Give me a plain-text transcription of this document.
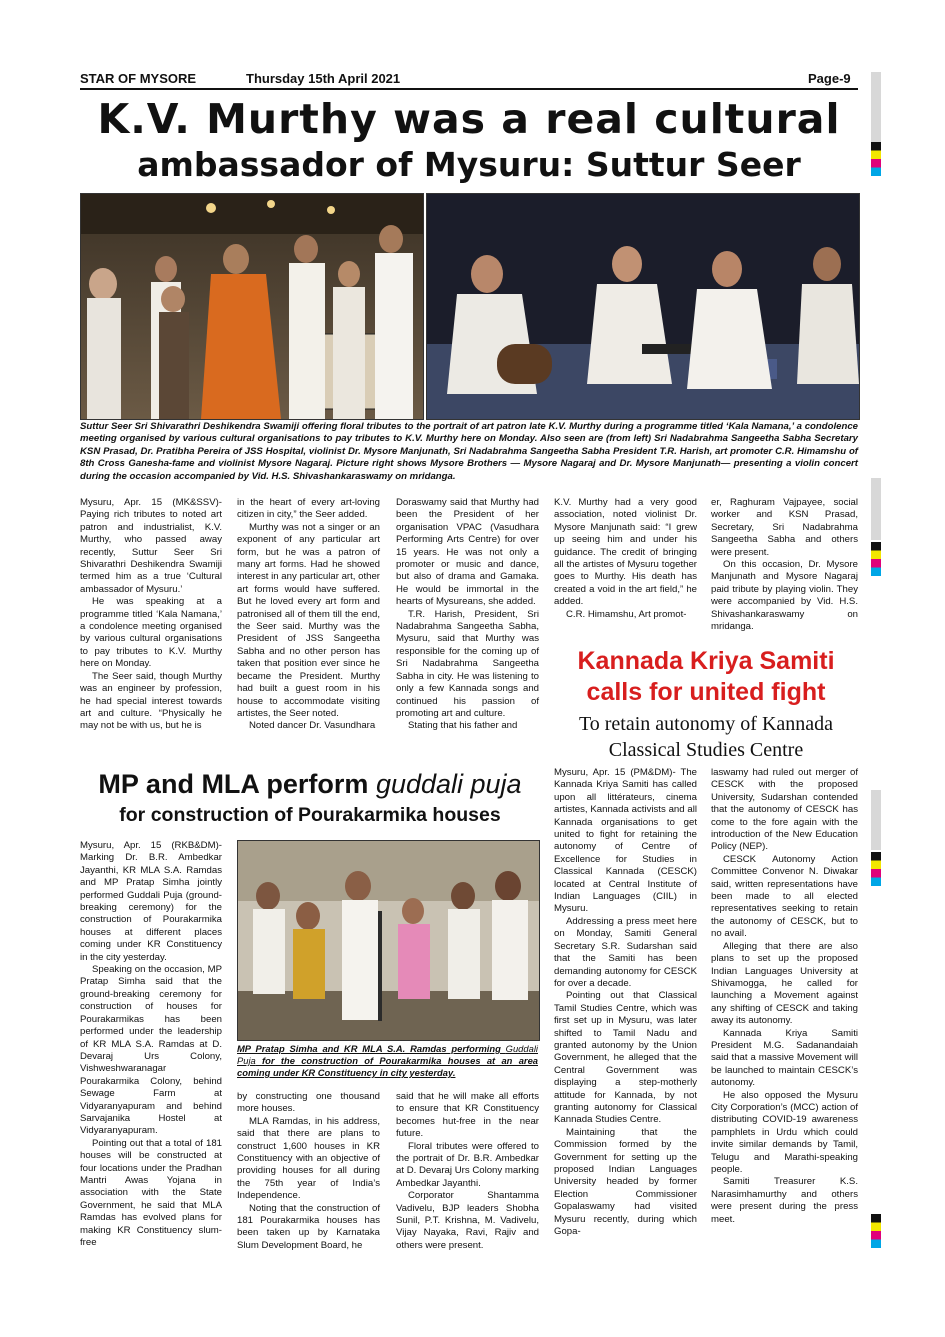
STAR OF MYSORE	Thursday 15th April 2021	Page-9
K.V. Murthy was a real cultural
ambassador of Mysuru: Suttur Seer
Suttur Seer Sri Shivarathri Deshikendra Swamiji offering floral tributes to the portrait of art patron late K.V. Murthy during a programme titled ‘Kala Namana,’ a condolence meeting organised by various cultural organisations to pay tributes to K.V. Murthy here on Monday. Also seen are (from left) Sri Nadabrahma Sangeetha Sabha Secretary KSN Prasad, Dr. Pratibha Pereira of JSS Hospital, violinist Dr. Mysore Manjunath, Sri Nadabrahma Sangeetha Sabha President T.R. Harish, art promoter C.R. Himamshu of 8th Cross Ganesha-fame and violinist Mysore Nagaraj. Picture right shows Mysore Brothers — Mysore Nagaraj and Dr. Mysore Manjunath— presenting a violin concert during the occasion accompanied by Vid. H.S. Shivashankaraswamy on mridanga.

Mysuru, Apr. 15 (MK&SSV)- Paying rich tributes to noted art patron and industrialist, K.V. Murthy, who passed away recently, Suttur Seer Sri Shivarathri Deshikendra Swamiji termed him as a true ‘Cultural ambassador of Mysuru.’

He was speaking at a programme titled ‘Kala Namana,’ a condolence meeting organised by various cultural organisations to pay tributes to K.V. Murthy here on Monday.

The Seer said, though Murthy was an engineer by profession, he had special interest towards art and culture. “Physically he may not be with us, but he is

in the heart of every art-loving citizen in city,” the Seer added.

Murthy was not a singer or an exponent of any particular art form, but he was a patron of many art forms. Had he showed interest in any particular art, other art forms would have suffered. But he loved every art form and patronised all of them till the end, the Seer said. Murthy was the President of JSS Sangeetha Sabha and no other person has taken that position ever since he became the President. Murthy had built a guest room in his house to accommodate visiting artistes, the Seer noted.

Noted dancer Dr. Vasundhara

Doraswamy said that Murthy had been the President of her organisation VPAC (Vasudhara Performing Arts Centre) for over 15 years. He was not only a promoter or music and dance, but also of drama and Gamaka. He would be immortal in the hearts of Mysureans, she added.

T.R. Harish, President, Sri Nadabrahma Sangeetha Sabha, Mysuru, said that Murthy was responsible for the coming up of Sri Nadabrahma Sangeetha Sabha in city. He was listening to only a few Kannada songs and continued his passion of promoting art and culture.

Stating that his father and

K.V. Murthy had a very good association, noted violinist Dr. Mysore Manjunath said: “I grew up seeing him and under his guidance. The credit of bringing all the artistes of Mysuru together goes to Murthy. His death has created a void in the art field,” he added.

C.R. Himamshu, Art promot-

er, Raghuram Vajpayee, social worker and KSN Prasad, Secretary, Sri Nadabrahma Sangeetha Sabha and others were present.

On this occasion, Dr. Mysore Manjunath and Mysore Nagaraj paid tribute by playing violin. They were accompanied by Vid. H.S. Shivashankaraswamy on mridanga.

Kannada Kriya Samiti
calls for united fight
To retain autonomy of Kannada
Classical Studies Centre

Mysuru, Apr. 15 (PM&DM)- The Kannada Kriya Samiti has called upon all littérateurs, cinema artistes, Kannada activists and all Kannada organisations to get united to fight for retaining the autonomy of Centre of Excellence for Studies in Classical Kannada (CESCK) located at Central Institute of Indian Languages (CIIL) in Mysuru.

Addressing a press meet here on Monday, Samiti General Secretary S.R. Sudarshan said that the Samiti has been demanding autonomy for CESCK for over a decade.

Pointing out that Classical Tamil Studies Centre, which was first set up in Mysuru, was later shifted to Tamil Nadu and granted autonomy by the Union Government, he alleged that the Central Government was displaying a step-motherly attitude for Kannada, by not granting autonomy for Classical Kannada Studies Centre.

Maintaining that the Commission formed by the Government for setting up the proposed Indian Languages University headed by former Election Commissioner Gopalaswamy had visited Mysuru recently, during which Gopa-

laswamy had ruled out merger of CESCK with the proposed University, Sudarshan contended that the autonomy of CESCK has come to the fore again with the introduction of the New Education Policy (NEP).

CESCK Autonomy Action Committee Convenor N. Diwakar said, written representations have been made to all elected representatives seeking to retain the autonomy of CESCK, but to no avail.

Alleging that there are also plans to set up the proposed Indian Languages University at Shivamogga, he called for launching a Movement against any shifting of CESCK and taking away its autonomy.

Kannada Kriya Samiti President M.G. Sadanandaiah said that a massive Movement will be launched to maintain CESCK’s autonomy.

He also opposed the Mysuru City Corporation’s (MCC) action of distributing COVID-19 awareness pamphlets in Urdu which could invite similar demands by Tamil, Telugu and Marathi-speaking people.

Samiti Treasurer K.S. Narasimhamurthy and others were present during the press meet.

MP and MLA perform guddali puja
for construction of Pourakarmika houses

Mysuru, Apr. 15 (RKB&DM)- Marking Dr. B.R. Ambedkar Jayanthi, KR MLA S.A. Ramdas and MP Pratap Simha jointly performed Guddali Puja (ground-breaking ceremony) for the construction of Pourakarmika houses at different places coming under KR Constituency in the city yesterday.

Speaking on the occasion, MP Pratap Simha said that the ground-breaking ceremony for construction of houses for Pourakarmikas has been performed under the leadership of KR MLA S.A. Ramdas at D. Devaraj Urs Colony, Vishweshwaranagar Pourakarmika Colony, behind Sewage Farm at Vidyaranyapuram and behind Sarvajanika Hostel at Vidyaranyapuram.

Pointing out that a total of 181 houses will be constructed at four locations under the Pradhan Mantri Awas Yojana in association with the State Government, he said that MLA Ramdas has evolved plans for making KR Constituency slum-free

MP Pratap Simha and KR MLA S.A. Ramdas performing Guddali Puja for the construction of Pourakarmika houses at an area coming under KR Constituency in city yesterday.

by constructing one thousand more houses.

MLA Ramdas, in his address, said that there are plans to construct 1,600 houses in KR Constituency with an objective of providing houses for all during the 75th year of India’s Independence.

Noting that the construction of 181 Pourakarmika houses has been taken up by Karnataka Slum Development Board, he

said that he will make all efforts to ensure that KR Constituency becomes hut-free in the near future.

Floral tributes were offered to the portrait of Dr. B.R. Ambedkar at D. Devaraj Urs Colony marking Ambedkar Jayanthi.

Corporator Shantamma Vadivelu, BJP leaders Shobha Sunil, P.T. Krishna, M. Vadivelu, Vijay Nayaka, Ravi, Rajiv and others were present.
